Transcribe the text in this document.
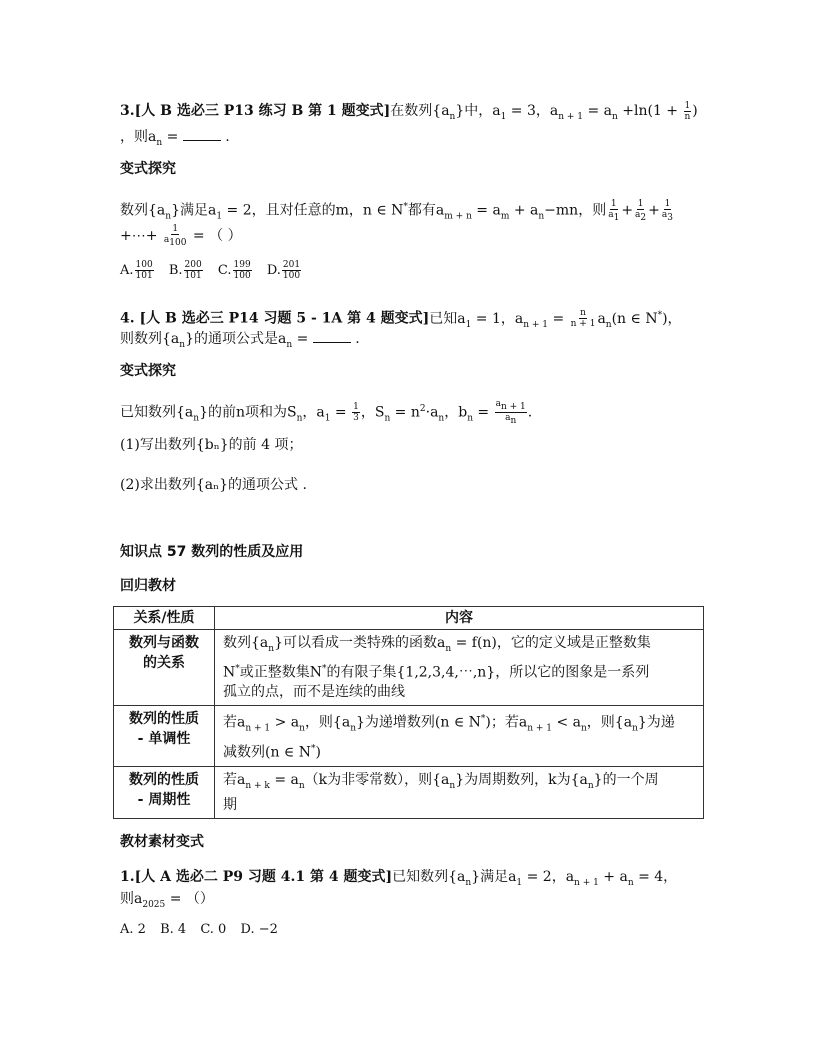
3.[人 B 选必三 P13 练习 B 第 1 题变式]在数列$\{a_n\}$中，$a_1 = 3$，$a_{n + 1} = a_n +\ln(1 + \frac{1}{n}$ )
，则$a_n$ =	.
变式探究
数列$\{a_n\}$满足$a_1 = 2$，且对任意的m，n ∈ N*都有$a_{m + n} = a_m + a_n-mn$，则 $\frac{1}{a_1} + \frac{1}{a_2} + \frac{1}{a_3}$
+⋯+ $\frac{1}{a_{100}}$ = （ ）
A. $\frac{100}{101} B$. $\frac{200}{101} C$. $\frac{199}{100} D$. $\frac{201}{100}$
4. [人 B 选必三 P14 习题 5 - 1A 第 4 题变式]已知$a_1 = 1$，$a_{n + 1} = \frac{n}{n + 1} a_n(n$ ∈ N*)，
则数列$\{a_n\}$的通项公式是$a_n$ =	.
变式探究
已知数列$\{a_n\}$的前n项和为$S_n$，$a_1 = \frac{1}{3}$ ，$S_n = n^2\cdot a_n$，$b_n = \frac{a_{n + 1}}{a_n}$ .
(1)写出数列{bₙ}的前 4 项；
(2)求出数列{aₙ}的通项公式 .
知识点 57 数列的性质及应用
回归教材
关系/性质	内容
数列与函数
的关系	数列$\{a_n\}$可以看成一类特殊的函数$a_n = f(n)$，它的定义域是正整数集
N*或正整数集N*的有限子集{1,2,3,4,⋯,n}，所以它的图象是一系列
孤立的点，而不是连续的曲线
数列的性质
- 单调性	若$a_{n + 1} > a_n$，则$\{a_n\}$为递增数列(n ∈ N*)；若$a_{n + 1} < a_n$，则$\{a_n\}$为递
减数列(n ∈ N*)
数列的性质
- 周期性	若$a_{n + k} = a_n(k$为非零常数），则$\{a_n\}$为周期数列，k为$\{a_n\}$的一个周
期
教材素材变式
1.[人 A 选必二 P9 习题 4.1 第 4 题变式]已知数列$\{a_n\}$满足$a_1 = 2$，$a_{n + 1} + a_n = 4$，
则$a_{2025}$ = （）
A. 2 B. 4 C. 0 D. −2
